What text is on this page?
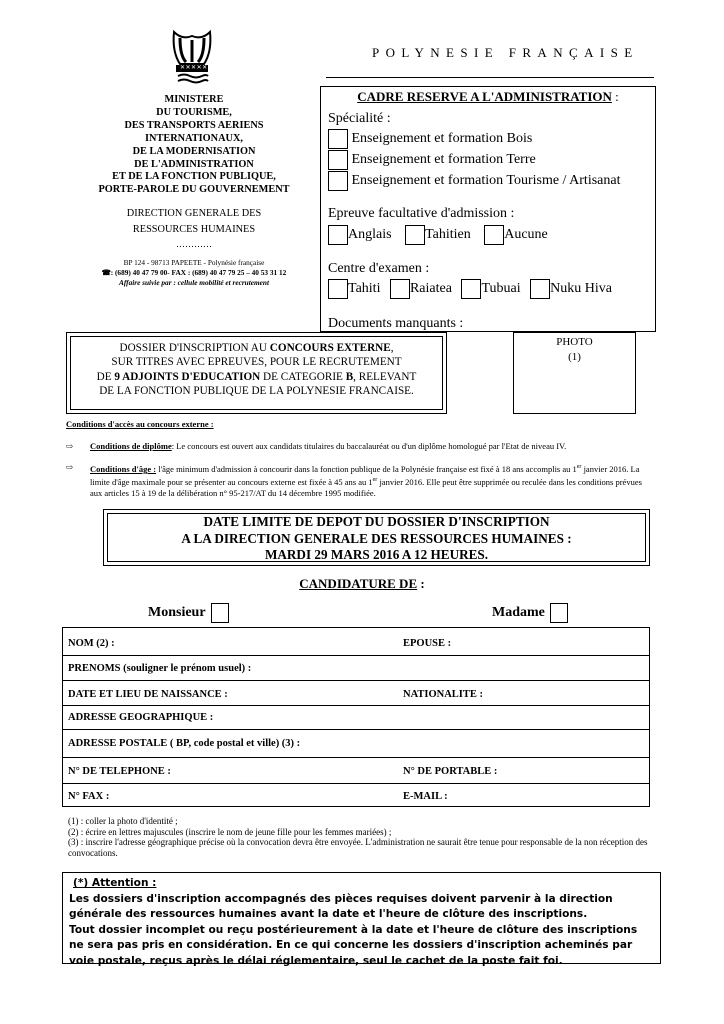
✕✕✕✕✕
POLYNESIE FRANÇAISE
MINISTERE
DU TOURISME,
DES TRANSPORTS AERIENS
INTERNATIONAUX,
DE LA MODERNISATION
DE L'ADMINISTRATION
ET DE LA FONCTION PUBLIQUE,
PORTE-PAROLE DU GOUVERNEMENT
DIRECTION GENERALE DES
RESSOURCES HUMAINES
…………
BP 124 - 98713 PAPEETE - Polynésie française
☎: (689) 40 47 79 00- FAX : (689) 40 47 79 25 – 40 53 31 12
Affaire suivie par : cellule mobilité et recrutement
CADRE RESERVE A L'ADMINISTRATION :
Spécialité :
Enseignement et formation Bois
Enseignement et formation Terre
Enseignement et formation Tourisme / Artisanat
Epreuve facultative d'admission :
Anglais Tahitien Aucune
Centre d'examen :
Tahiti Raiatea Tubuai Nuku Hiva
Documents manquants :
DOSSIER D'INSCRIPTION AU CONCOURS EXTERNE,
SUR TITRES AVEC EPREUVES, POUR LE RECRUTEMENT
DE 9 ADJOINTS D'EDUCATION DE CATEGORIE B, RELEVANT
DE LA FONCTION PUBLIQUE DE LA POLYNESIE FRANCAISE.
PHOTO
(1)
Conditions d'accès au concours externe :
⇨ Conditions de diplôme: Le concours est ouvert aux candidats titulaires du baccalauréat ou d'un diplôme homologué par l'Etat de niveau IV.
⇨ Conditions d'âge : l'âge minimum d'admission à concourir dans la fonction publique de la Polynésie française est fixé à 18 ans accomplis au 1er janvier 2016. La limite d'âge maximale pour se présenter au concours externe est fixée à 45 ans au 1er janvier 2016. Elle peut être supprimée ou reculée dans les conditions prévues aux articles 15 à 19 de la délibération n° 95-217/AT du 14 décembre 1995 modifiée.
DATE LIMITE DE DEPOT DU DOSSIER D'INSCRIPTION
A LA DIRECTION GENERALE DES RESSOURCES HUMAINES :
MARDI 29 MARS 2016 A 12 HEURES.
CANDIDATURE DE :
Monsieur	Madame
NOM (2) :	EPOUSE :
PRENOMS (souligner le prénom usuel) :
DATE ET LIEU DE NAISSANCE :	NATIONALITE :
ADRESSE GEOGRAPHIQUE :
ADRESSE POSTALE ( BP, code postal et ville) (3) :
N° DE TELEPHONE :	N° DE PORTABLE :
N° FAX :	E-MAIL :
(1) : coller la photo d'identité ;
(2) : écrire en lettres majuscules (inscrire le nom de jeune fille pour les femmes mariées) ;
(3) : inscrire l'adresse géographique précise où la convocation devra être envoyée. L'administration ne saurait être tenue pour responsable de la non réception des convocations.
(*) Attention :
Les dossiers d'inscription accompagnés des pièces requises doivent parvenir à la direction générale des ressources humaines avant la date et l'heure de clôture des inscriptions.
Tout dossier incomplet ou reçu postérieurement à la date et l'heure de clôture des inscriptions ne sera pas pris en considération. En ce qui concerne les dossiers d'inscription acheminés par voie postale, reçus après le délai réglementaire, seul le cachet de la poste fait foi.
